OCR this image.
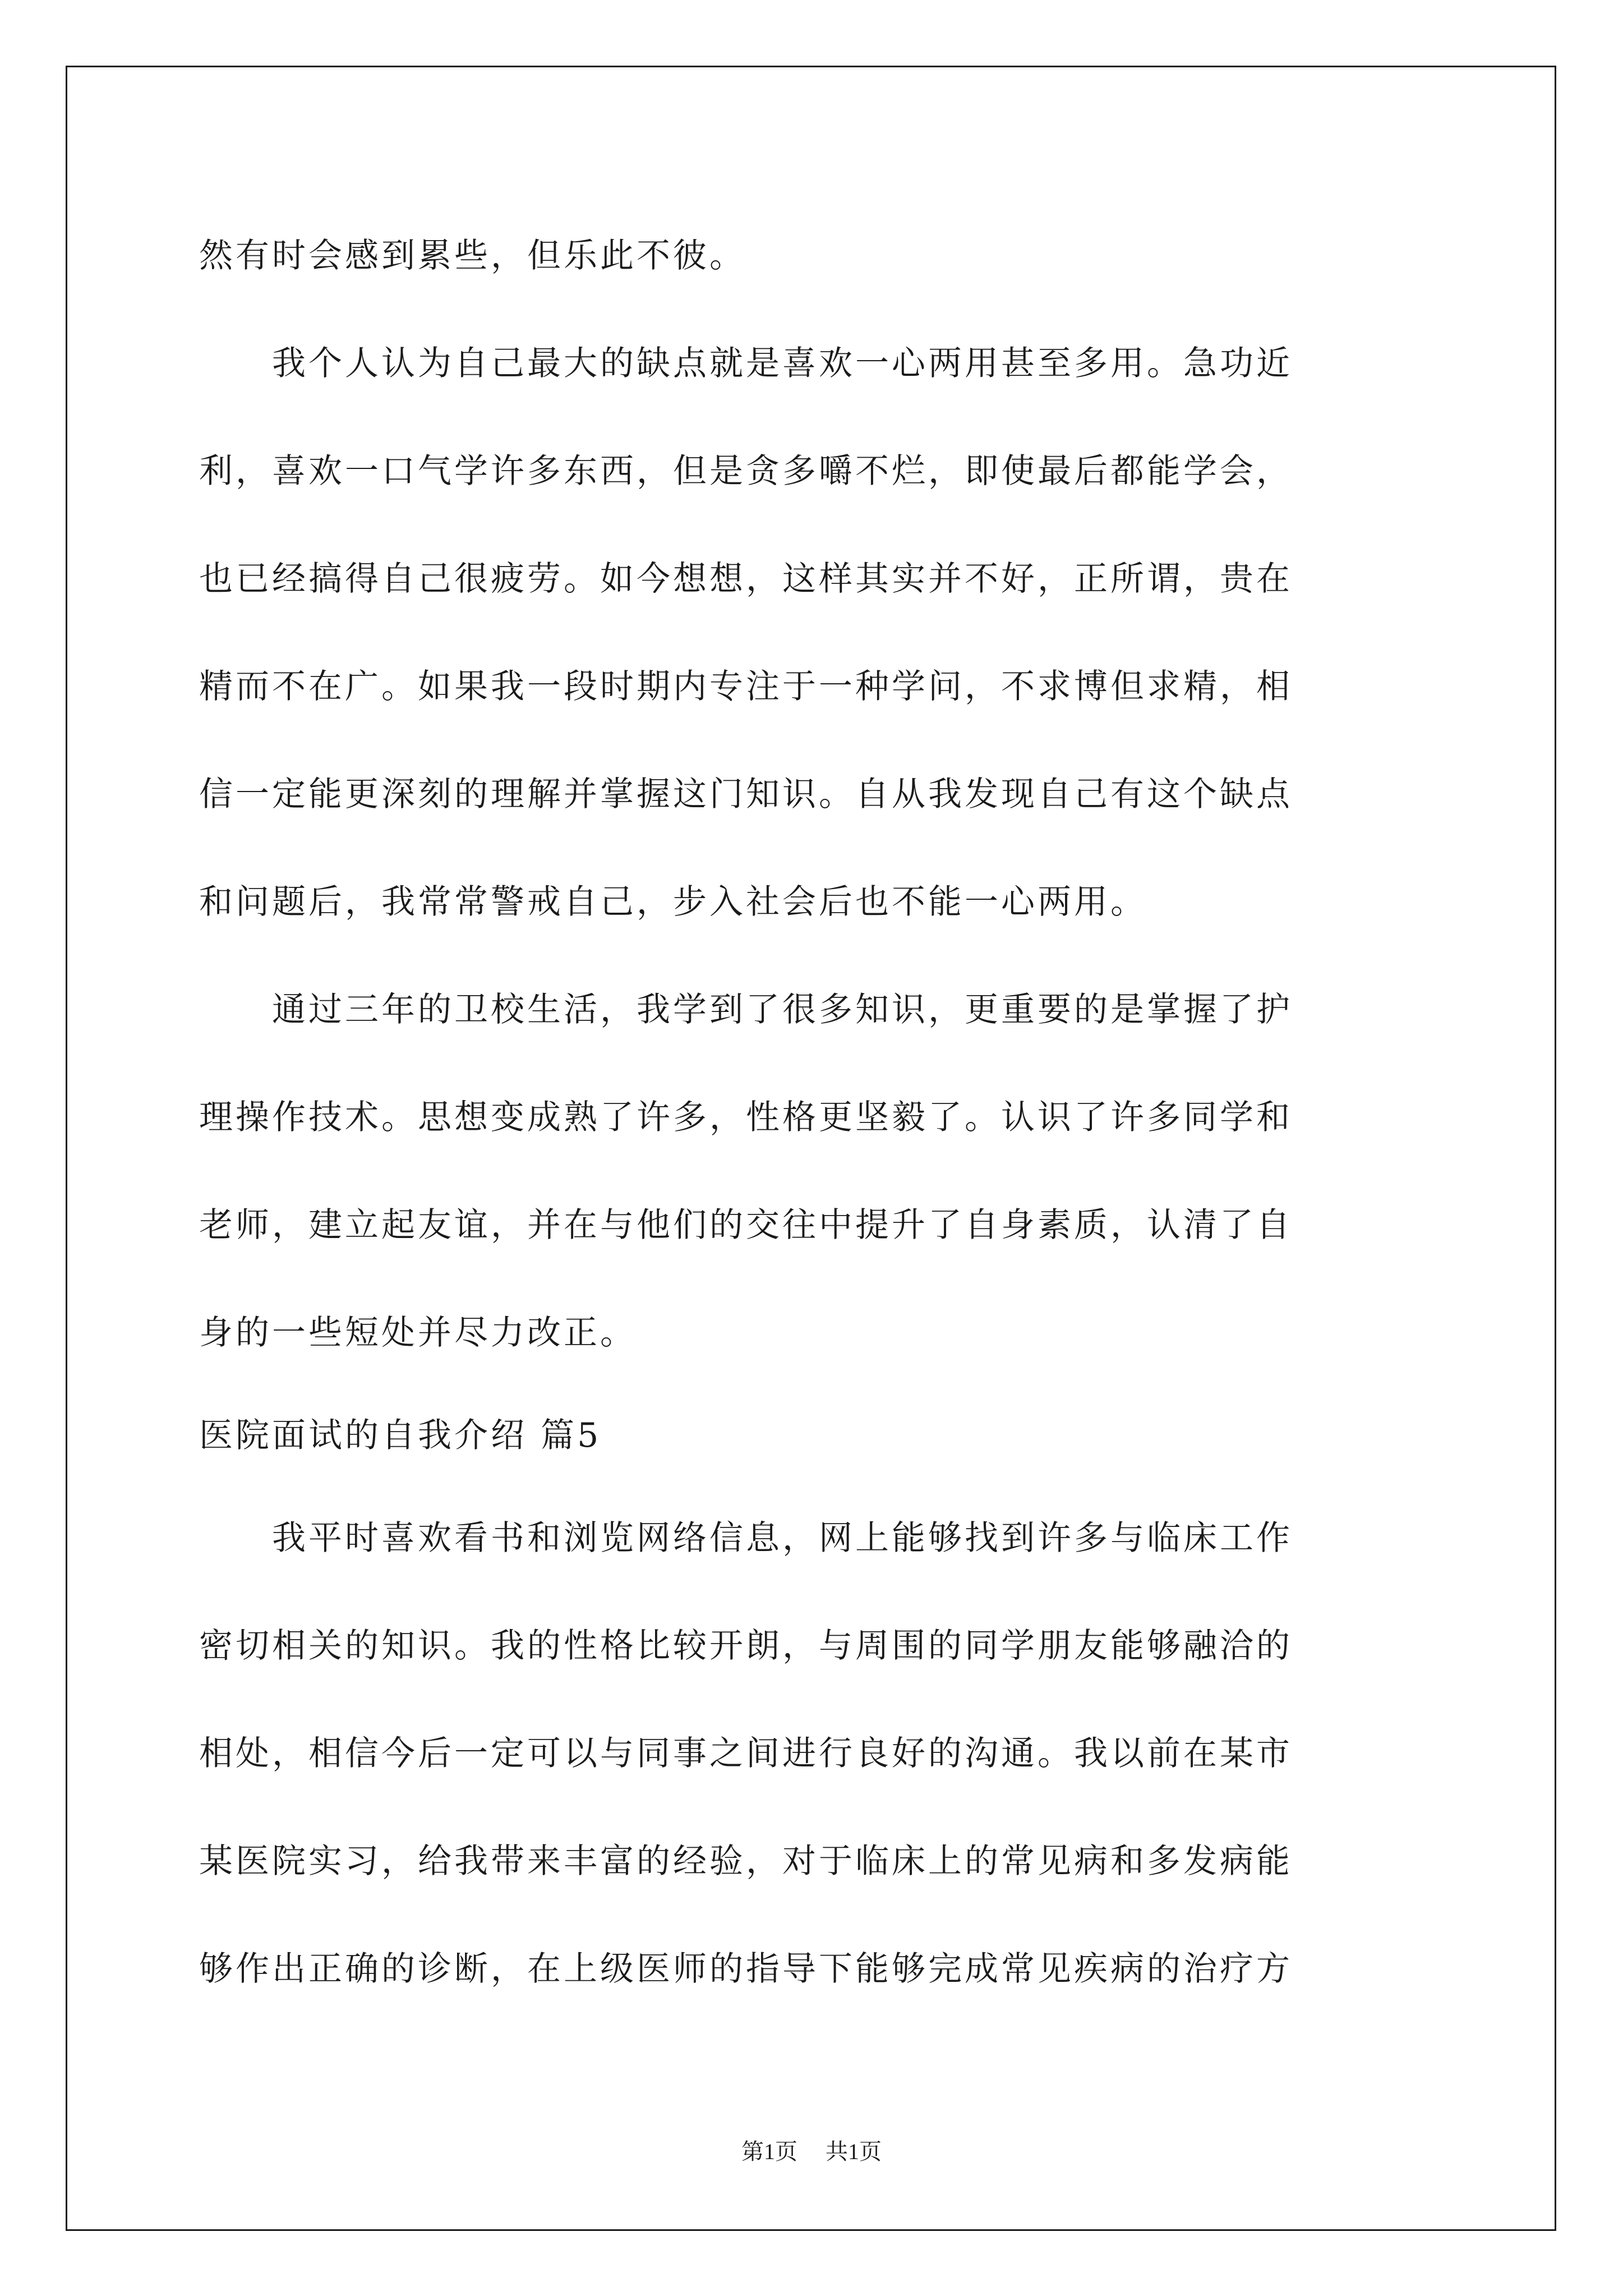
然有时会感到累些，但乐此不彼。
　　我个人认为自己最大的缺点就是喜欢一心两用甚至多用。急功近
利，喜欢一口气学许多东西，但是贪多嚼不烂，即使最后都能学会，
也已经搞得自己很疲劳。如今想想，这样其实并不好，正所谓，贵在
精而不在广。如果我一段时期内专注于一种学问，不求博但求精，相
信一定能更深刻的理解并掌握这门知识。自从我发现自己有这个缺点
和问题后，我常常警戒自己，步入社会后也不能一心两用。
　　通过三年的卫校生活，我学到了很多知识，更重要的是掌握了护
理操作技术。思想变成熟了许多，性格更坚毅了。认识了许多同学和
老师，建立起友谊，并在与他们的交往中提升了自身素质，认清了自
身的一些短处并尽力改正。
医院面试的自我介绍 篇5
　　我平时喜欢看书和浏览网络信息，网上能够找到许多与临床工作
密切相关的知识。我的性格比较开朗，与周围的同学朋友能够融洽的
相处，相信今后一定可以与同事之间进行良好的沟通。我以前在某市
某医院实习，给我带来丰富的经验，对于临床上的常见病和多发病能
够作出正确的诊断，在上级医师的指导下能够完成常见疾病的治疗方
第1页 共1页
